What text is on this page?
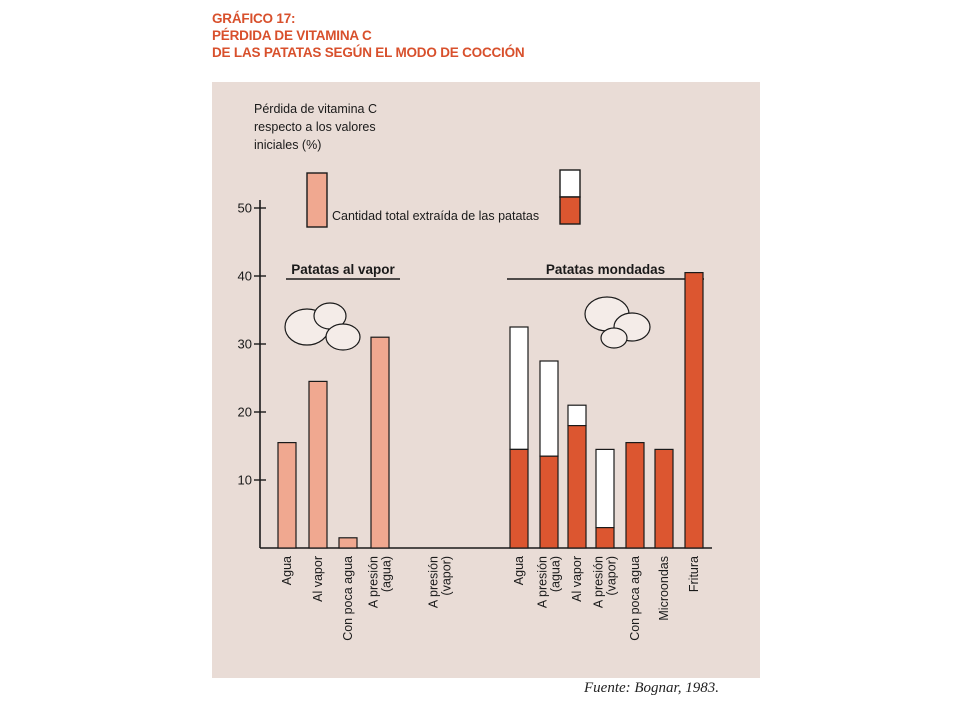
GRÁFICO 17:
PÉRDIDA DE VITAMINA C
DE LAS PATATAS SEGÚN EL MODO DE COCCIÓN
Pérdida de vitamina C
respecto a los valores
iniciales (%)
Cantidad total extraída de las patatas
10
20
30
40
50
Patatas al vapor	Patatas mondadas
Agua Al vapor Con poca agua A presión (agua)	A presión (vapor)	Agua A presión (agua) Al vapor A presión (vapor) Con poca agua Microondas Fritura
Fuente: Bognar, 1983.
